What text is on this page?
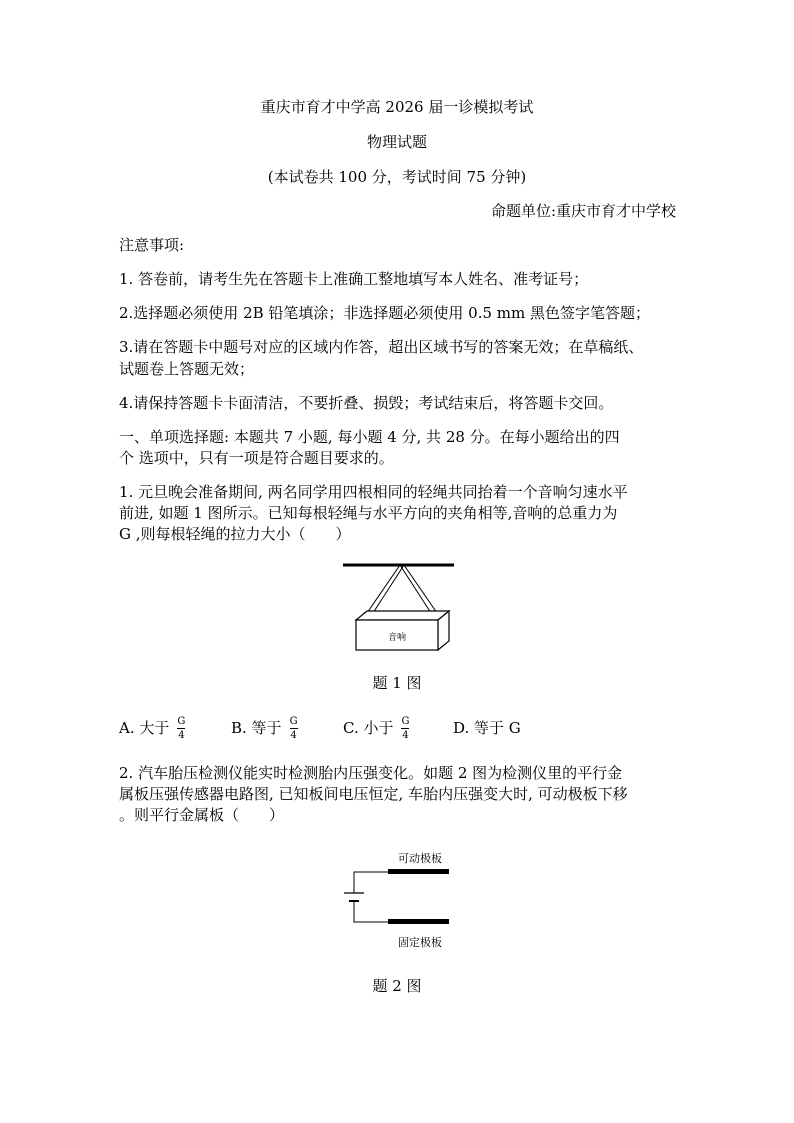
重庆市育才中学高 2026 届一诊模拟考试
物理试题
(本试卷共 100 分，考试时间 75 分钟)
命题单位:重庆市育才中学校
注意事项:
1. 答卷前，请考生先在答题卡上准确工整地填写本人姓名、准考证号；
2.选择题必须使用 2B 铅笔填涂；非选择题必须使用 0.5 mm 黑色签字笔答题；
3.请在答题卡中题号对应的区域内作答，超出区域书写的答案无效；在草稿纸、
试题卷上答题无效；
4.请保持答题卡卡面清洁，不要折叠、损毁；考试结束后，将答题卡交回。
一、单项选择题: 本题共 7 小题, 每小题 4 分, 共 28 分。在每小题给出的四
个 选项中，只有一项是符合题目要求的。
1. 元旦晚会准备期间, 两名同学用四根相同的轻绳共同抬着一个音响匀速水平
前进, 如题 1 图所示。已知每根轻绳与水平方向的夹角相等,音响的总重力为
G ,则每根轻绳的拉力大小（　　）
音响
题 1 图
A. 大于 $\frac{G}{4}$	B. 等于 $\frac{G}{4}$	C. 小于 $\frac{G}{4}$	D. 等于 G
2. 汽车胎压检测仪能实时检测胎内压强变化。如题 2 图为检测仪里的平行金
属板压强传感器电路图, 已知板间电压恒定, 车胎内压强变大时, 可动极板下移
。则平行金属板（　　）
可动极板
固定极板
题 2 图
